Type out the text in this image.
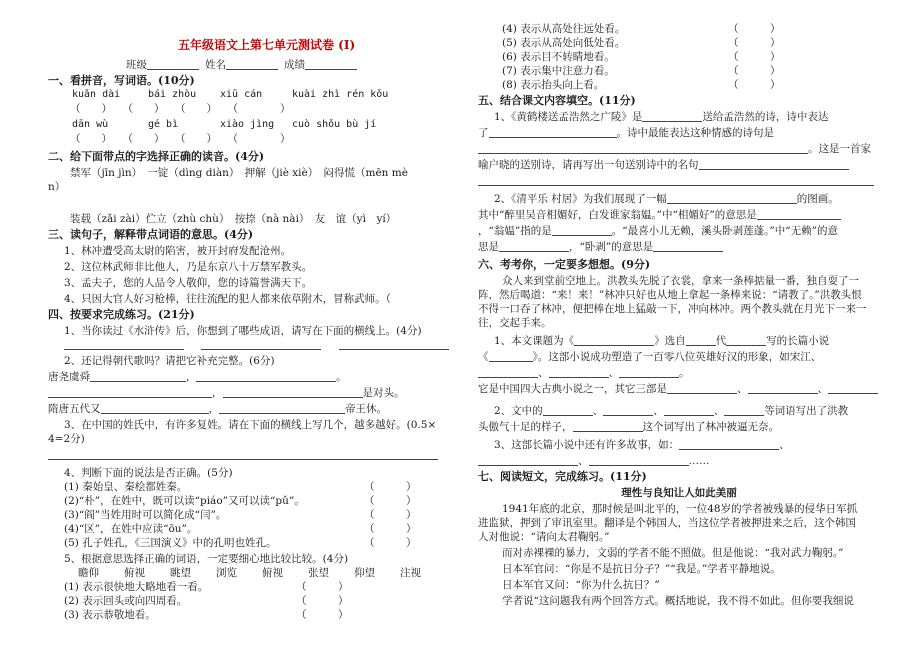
五年级语文上第七单元测试卷 (I)
班级	姓名	成绩
一、看拼音，写词语。(10分)
kuǎn dài	bái zhòu	xiū cán	kuài zhì rén kǒu
（　　）　　（　　）　　（　　）　　（　　　　）
dān wù	gé bì	xiào jìng	cuò shǒu bù jí
（　　）　　（　　）　　（　　）　　（　　　　）
二、给下面带点的字选择正确的读音。(4分)
禁军（jīn jìn）　一锭（dìng diàn）　押解（jiè xiè）　闷得慌（mēn mè
n）
装载（zǎi zài）伫立（zhù chù）　按捺（nà nài）　友　谊（yì　yí）
三、读句子，解释带点词语的意思。(4分)
1、林冲遭受高太尉的陷害，被开封府发配沧州。
2、这位林武师非比他人，乃是东京八十万禁军教头。
3、孟夫子，您的人品令人敬仰，您的诗篇誉满天下。
4、只因大官人好习枪棒，往往流配的犯人都来依草附木，冒称武师。（
四、按要求完成练习。(21分)
1、当你读过《水浒传》后，你想到了哪些成语，请写在下面的横线上。(4分)

2、还记得朝代歌吗？请把它补充完整。(6分)
唐尧虞舜	，	。
，	是对头。
隋唐五代又	，	帝王休。
3、在中国的姓氏中，有许多复姓。请在下面的横线上写几个，越多越好。(0.5×
4=2分)
4、判断下面的说法是否正确。(5分)
(1) 秦始皇、秦桧都姓秦。	（　　　）
(2)“朴”，在姓中，既可以读“piáo”又可以读“pǔ”。	（　　　）
(3)“阎”当姓用时可以简化成“闫”。	（　　　）
(4)“区”，在姓中应读“ōu”。	（　　　）
(5) 孔子姓孔，《三国演义》中的孔明也姓孔。	（　　　）
5、根据意思选择正确的词语，一定要细心地比较比较。(4分)
瞻仰	俯视	眺望	浏览	俯视	张望	仰望	注视
(1) 表示很快地大略地看一看。	（　　　）
(2) 表示回头或向四周看。	（　　　）
(3) 表示恭敬地看。	（　　　）
(4) 表示从高处往远处看。	（　　　）
(5) 表示从高处向低处看。	（　　　）
(6) 表示目不转睛地看。	（　　　）
(7) 表示集中注意力看。	（　　　）
(8) 表示抬头向上看。	（　　　）
五、结合课文内容填空。(11分)
1、《黄鹤楼送孟浩然之广陵》是	送给孟浩然的诗，诗中表达
了	。诗中最能表达这种情感的诗句是
。这是一首家
喻户晓的送别诗，请再写出一句送别诗中的名句
2、《清平乐 村居》为我们展现了一幅	的图画。
其中“醉里吴音相媚好，白发谁家翁媪。”中“相媚好”的意思是
，“翁媪”指的是	。“最喜小儿无赖，溪头卧剥莲蓬。”中“无赖”的意
思是	，“卧剥”的意思是
六、考考你，一定要多想想。(9分)
众人来到堂前空地上。洪教头先脱了衣裳，拿来一条棒掂量一番，独自耍了一
阵，然后喝道：“来！来！”林冲只好也从地上拿起一条棒来说：“请教了。”洪教头恨
不得一口吞了林冲，便把棒在地上猛敲一下，冲向林冲。两个教头就在月光下一来一
往，交起手来。
1、本文课题为《	》选自	代	写的长篇小说
《	》。这部小说成功塑造了一百零八位英雄好汉的形象，如宋江、
、	、	。
它是中国四大古典小说之一，其它三部是	、	、
2、文中的	、	、	、	等词语写出了洪教
头傲气十足的样子，	这个词写出了林冲被逼无奈。
3、这部长篇小说中还有许多故事，如：	、
、	……
七、阅读短文，完成练习。(11分)
理性与良知让人如此美丽
1941年底的北京，那时候是叫北平的，一位48岁的学者被残暴的侵华日军抓
进监狱，押到了审讯室里。翻译是个韩国人，当这位学者被押进来之后，这个韩国
人对他说：“请向太君鞠躬。”
而对赤裸裸的暴力，文弱的学者不能不照做。但是他说：“我对武力鞠躬。”
日本军官问：“你是不是抗日分子？”“我是。”学者平静地说。
日本军官又问：“你为什么抗日？”
学者说“这问题我有两个回答方式。概括地说，我不得不如此。但你要我细说
